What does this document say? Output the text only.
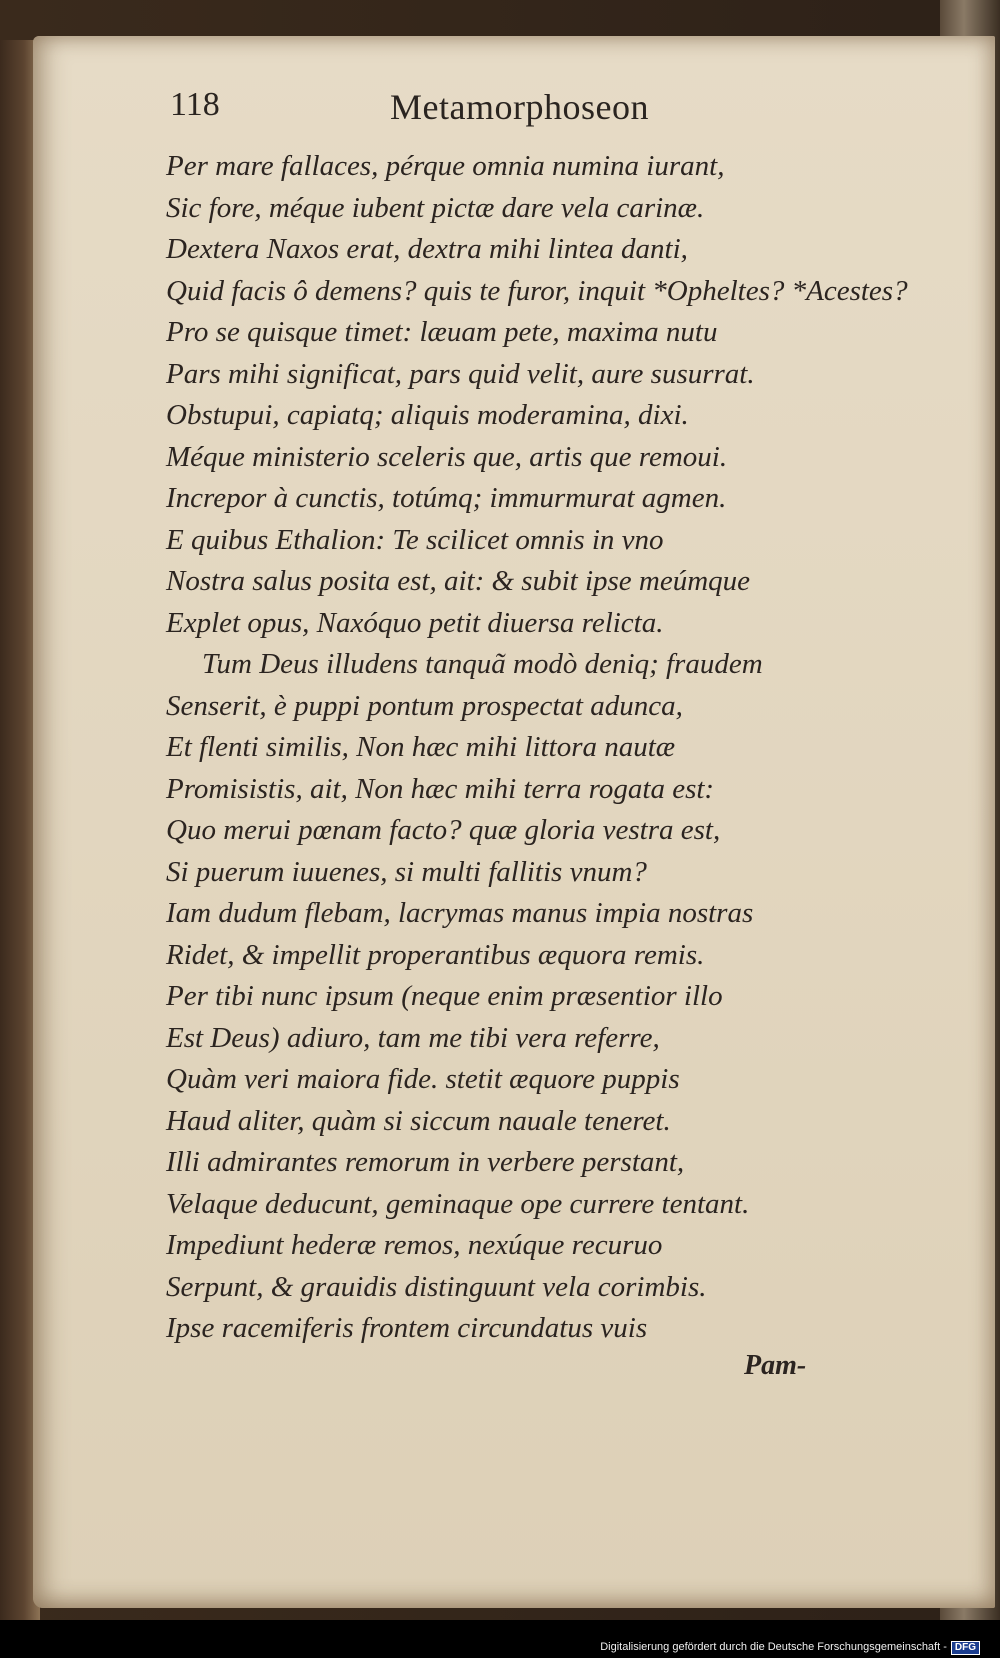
118	Metamorphoseon
Per mare fallaces, pérque omnia numina iurant,
Sic fore, méque iubent pictæ dare vela carinæ.
Dextera Naxos erat, dextra mihi lintea danti,
Quid facis ô demens? quis te furor, inquit *Opheltes? *Acestes?
Pro se quisque timet: læuam pete, maxima nutu
Pars mihi significat, pars quid velit, aure susurrat.
Obstupui, capiatq; aliquis moderamina, dixi.
Méque ministerio sceleris que, artis que remoui.
Increpor à cunctis, totúmq; immurmurat agmen.
E quibus Ethalion: Te scilicet omnis in vno
Nostra salus posita est, ait: & subit ipse meúmque
Explet opus, Naxóquo petit diuersa relicta.
Tum Deus illudens tanquã modò deniq; fraudem
Senserit, è puppi pontum prospectat adunca,
Et flenti similis, Non hæc mihi littora nautæ
Promisistis, ait, Non hæc mihi terra rogata est:
Quo merui pœnam facto? quæ gloria vestra est,
Si puerum iuuenes, si multi fallitis vnum?
Iam dudum flebam, lacrymas manus impia nostras
Ridet, & impellit properantibus æquora remis.
Per tibi nunc ipsum (neque enim præsentior illo
Est Deus) adiuro, tam me tibi vera referre,
Quàm veri maiora fide. stetit æquore puppis
Haud aliter, quàm si siccum nauale teneret.
Illi admirantes remorum in verbere perstant,
Velaque deducunt, geminaque ope currere tentant.
Impediunt hederæ remos, nexúque recuruo
Serpunt, & grauidis distinguunt vela corimbis.
Ipse racemiferis frontem circundatus vuis
Pam-
Digitalisierung gefördert durch die Deutsche Forschungsgemeinschaft - DFG
